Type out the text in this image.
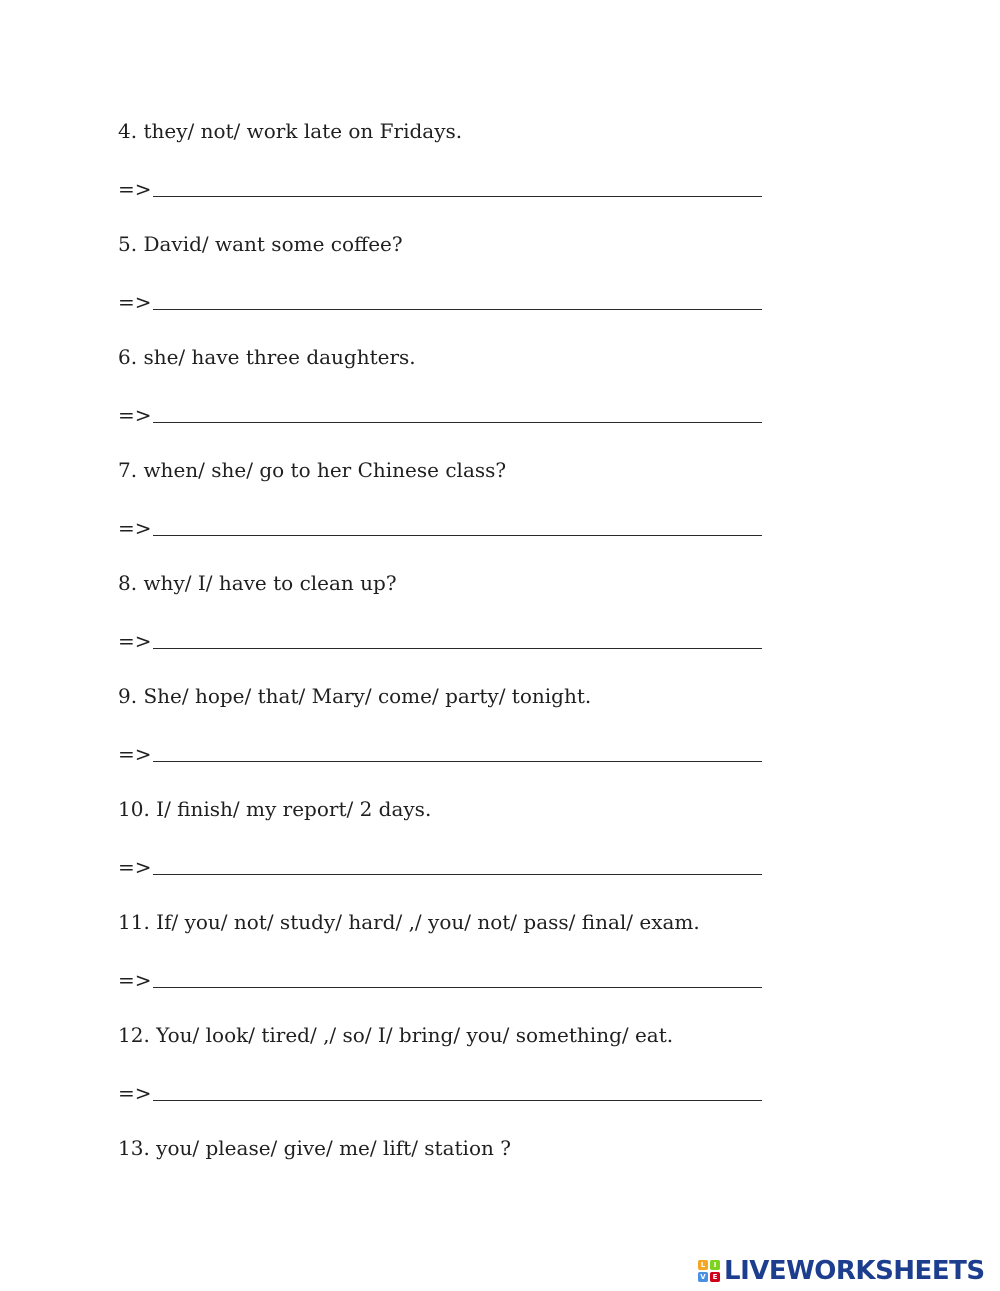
4. they/ not/ work late on Fridays.
=>
5. David/ want some coffee?
=>
6. she/ have three daughters.
=>
7. when/ she/ go to her Chinese class?
=>
8. why/ I/ have to clean up?
=>
9. She/ hope/ that/ Mary/ come/ party/ tonight.
=>
10. I/ finish/ my report/ 2 days.
=>
11. If/ you/ not/ study/ hard/ ,/ you/ not/ pass/ final/ exam.
=>
12. You/ look/ tired/ ,/ so/ I/ bring/ you/ something/ eat.
=>
13. you/ please/ give/ me/ lift/ station ?
L	I
V E LIVEWORKSHEETS
